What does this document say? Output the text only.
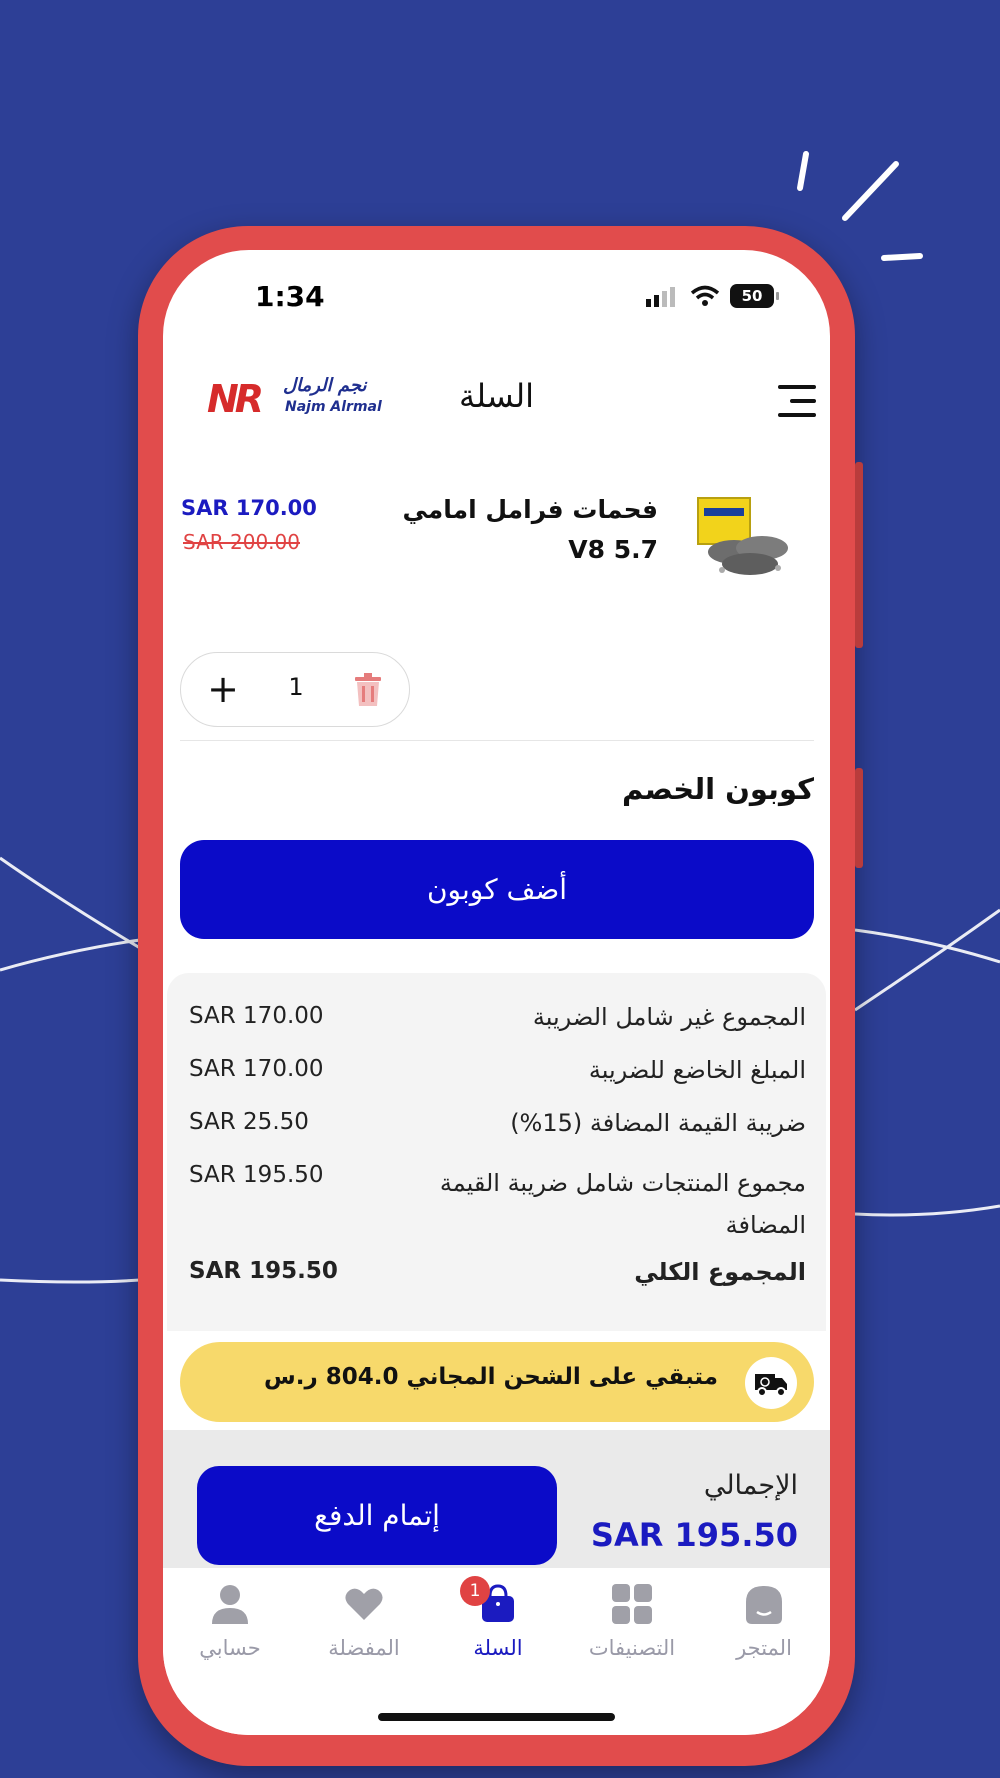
1:34	50
NR نجم الرمال
Najm Alrmal	السلة
فحمات فرامل امامي V8 5.7
SAR 170.00
SAR 200.00
+	1
كوبون الخصم
أضف كوبون
المجموع غير شامل الضريبة
SAR 170.00
المبلغ الخاضع للضريبة
SAR 170.00
ضريبة القيمة المضافة (15%)
SAR 25.50
مجموع المنتجات شامل ضريبة القيمة المضافة
SAR 195.50
المجموع الكلي
SAR 195.50
متبقي على الشحن المجاني 804.0 ر.س
إتمام الدفع
الإجمالي
SAR 195.50
حسابي	المفضلة
1
السلة	التصنيفات	المتجر
